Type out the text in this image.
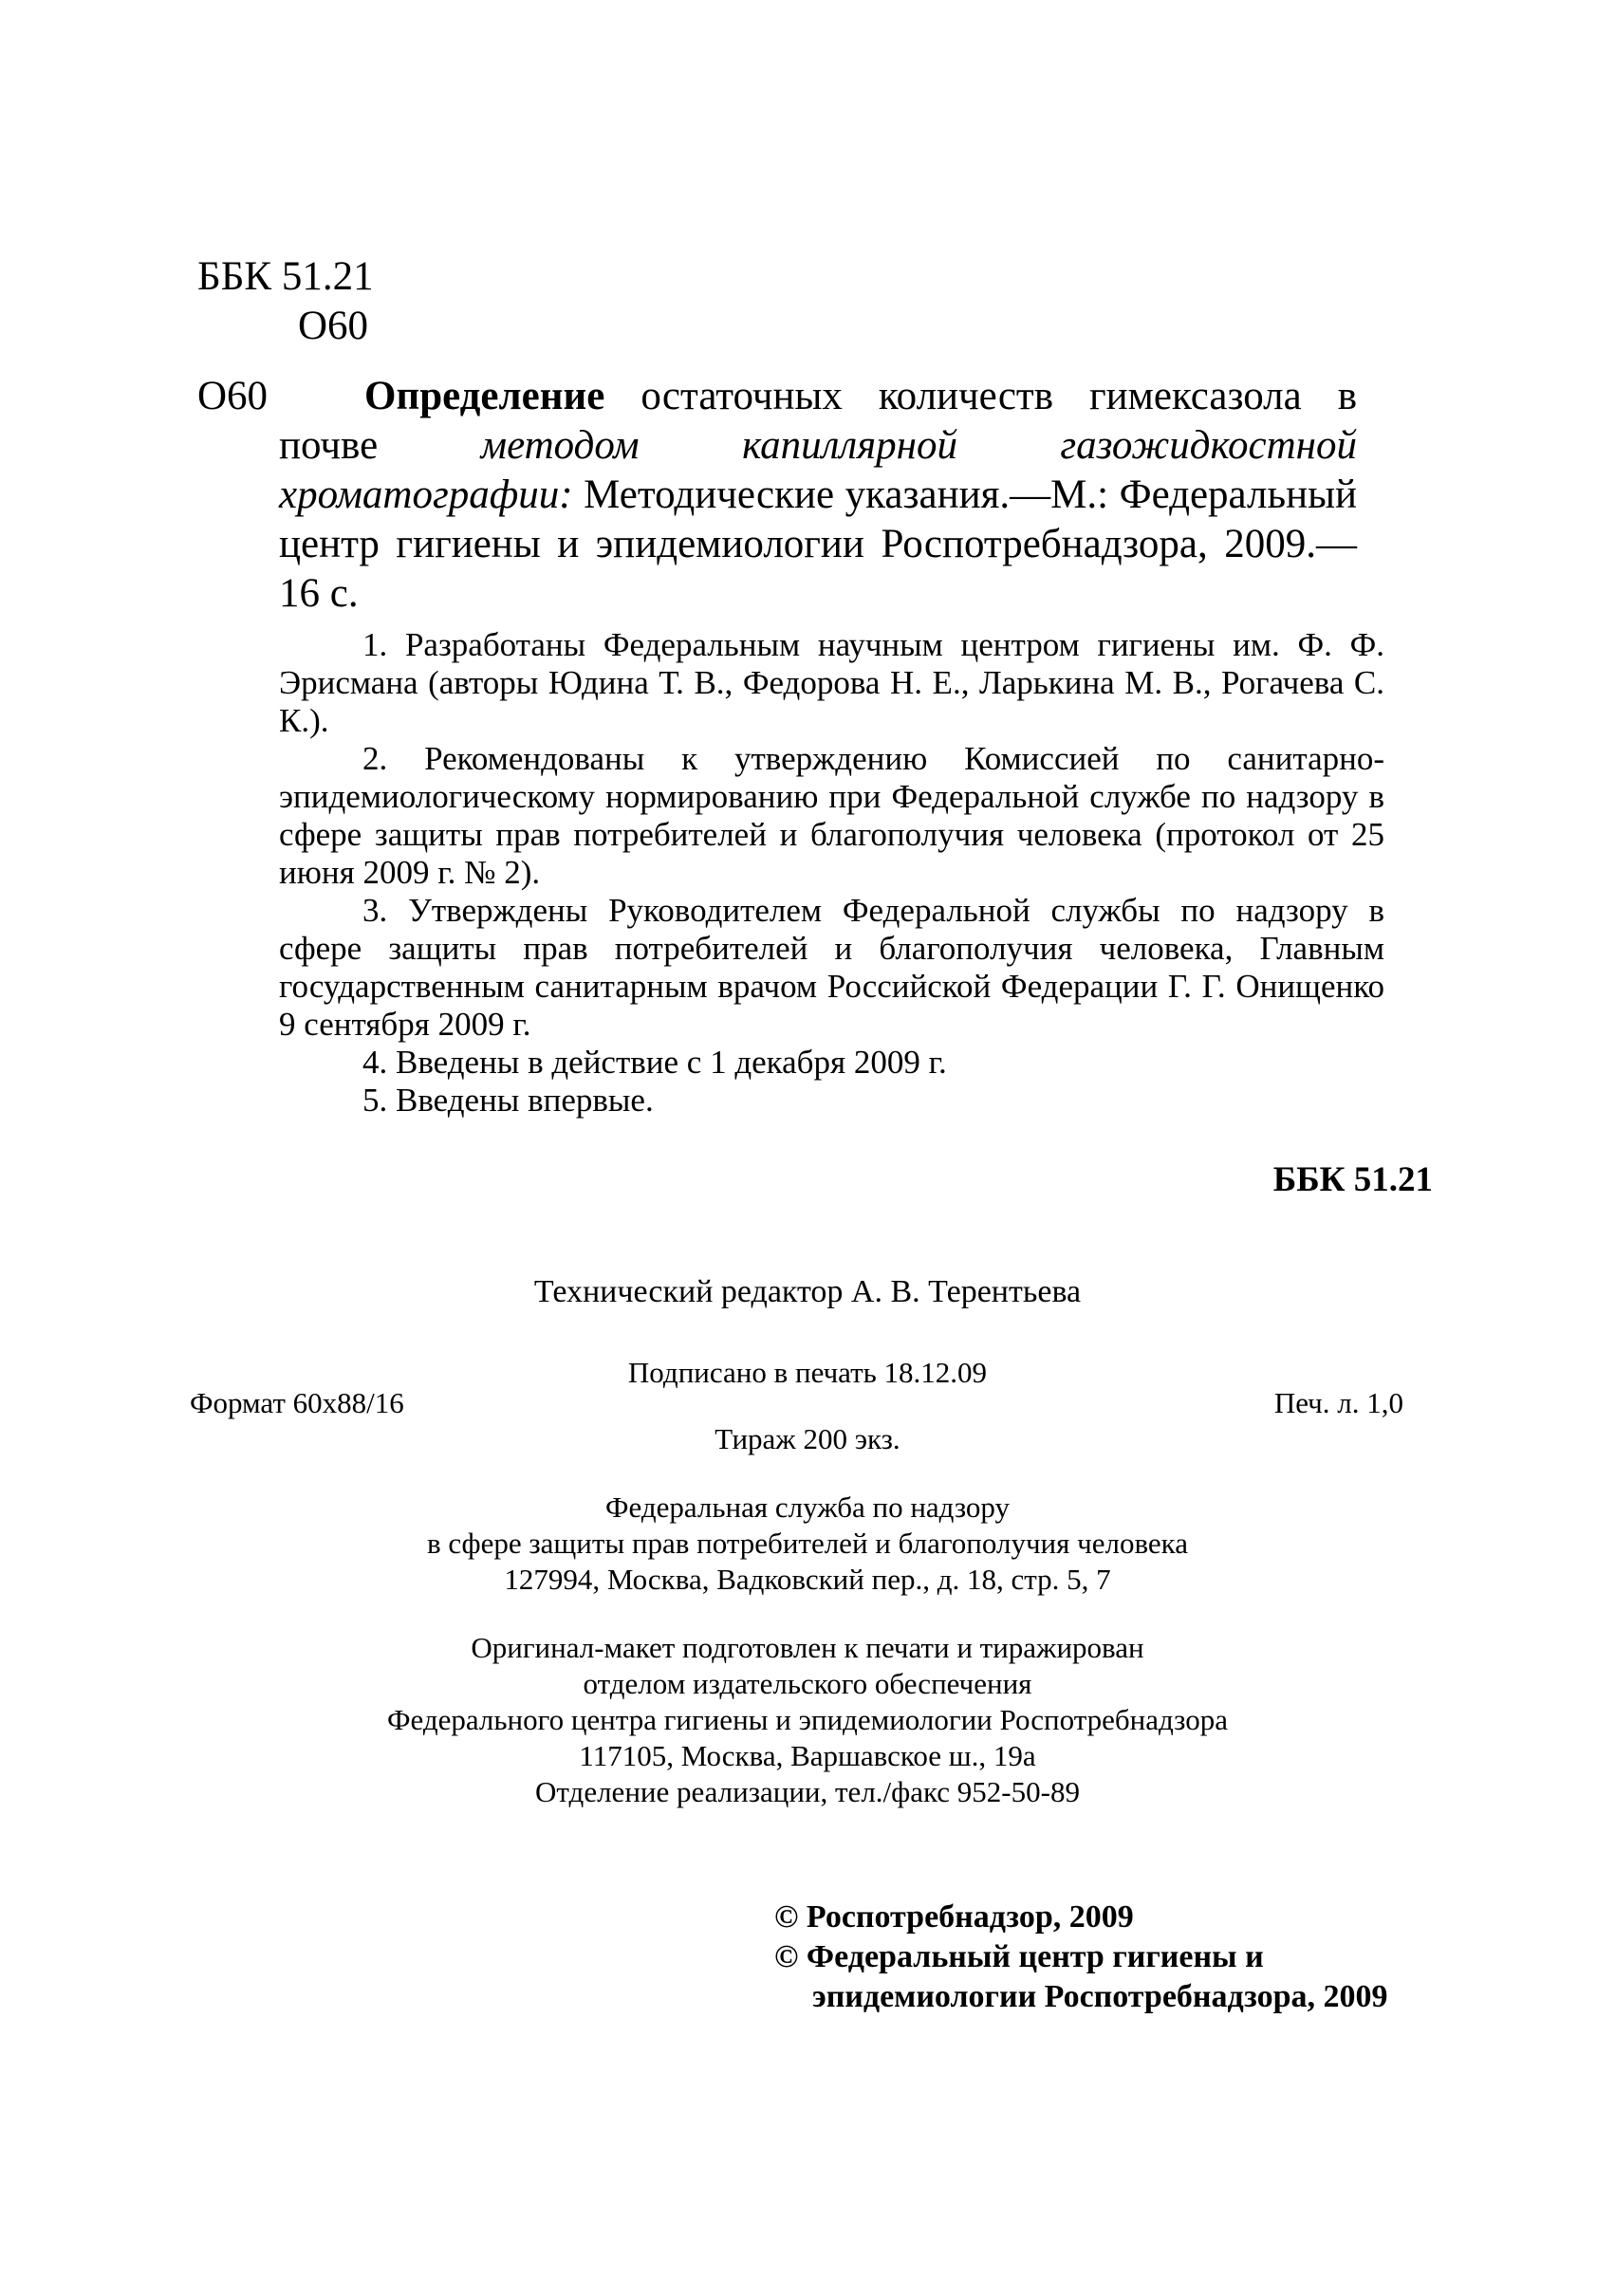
ББК 51.21
О60
О60	Определение остаточных количеств гимексазола в почве методом капиллярной газожидкостной хроматографии: Методические указания.—М.: Федеральный центр гигиены и эпидемиологии Роспотребнадзора, 2009.—16 с.

1. Разработаны Федеральным научным центром гигиены им. Ф. Ф. Эрисмана (авторы Юдина Т. В., Федорова Н. Е., Ларькина М. В., Рогачева С. К.).

2. Рекомендованы к утверждению Комиссией по санитарно-эпидемиологическому нормированию при Федеральной службе по надзору в сфере защиты прав потребителей и благополучия человека (протокол от 25 июня 2009 г. № 2).

3. Утверждены Руководителем Федеральной службы по надзору в сфере защиты прав потребителей и благополучия человека, Главным государственным санитарным врачом Российской Федерации Г. Г. Онищенко 9 сентября 2009 г.

4. Введены в действие с 1 декабря 2009 г.

5. Введены впервые.

ББК 51.21
Технический редактор А. В. Терентьева
Подписано в печать 18.12.09
Формат 60x88/16	Печ. л. 1,0
Тираж 200 экз.

Федеральная служба по надзору

в сфере защиты прав потребителей и благополучия человека

127994, Москва, Вадковский пер., д. 18, стр. 5, 7

Оригинал-макет подготовлен к печати и тиражирован

отделом издательского обеспечения

Федерального центра гигиены и эпидемиологии Роспотребнадзора

117105, Москва, Варшавское ш., 19а

Отделение реализации, тел./факс 952-50-89

© Роспотребнадзор, 2009

© Федеральный центр гигиены и

эпидемиологии Роспотребнадзора, 2009
